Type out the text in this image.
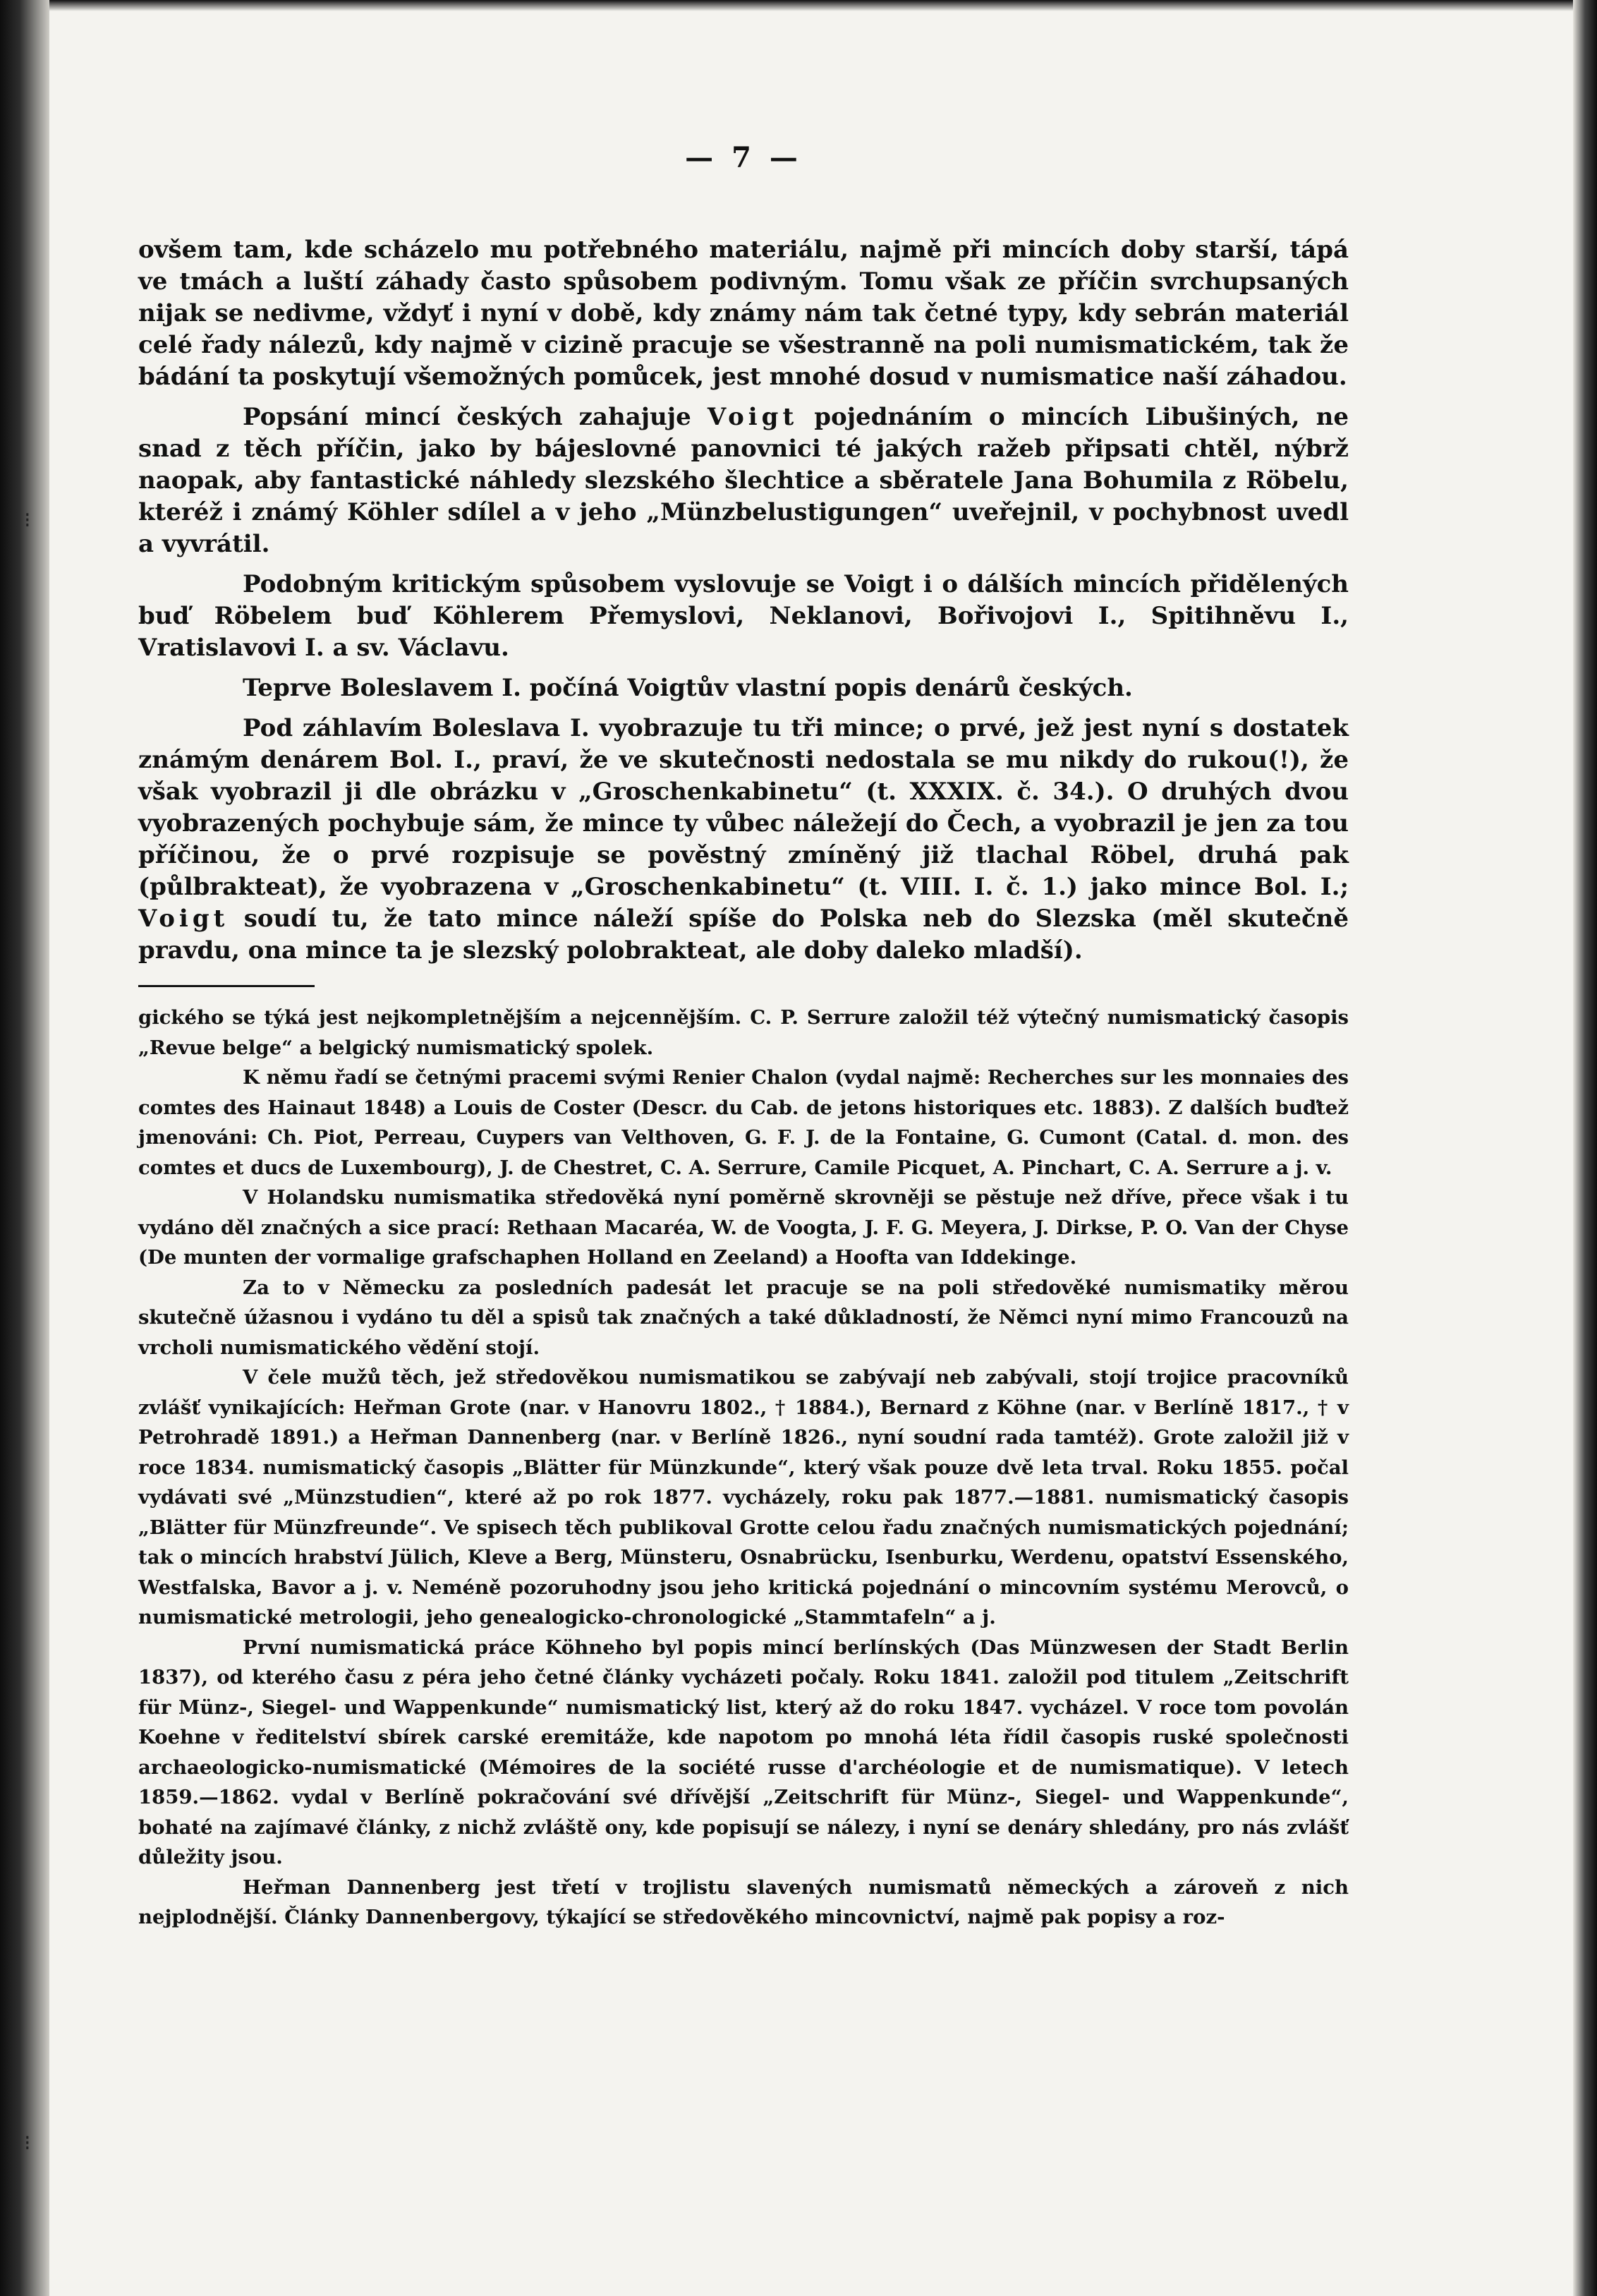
⁝
⁝
— 7 —

ovšem tam, kde scházelo mu potřebného materiálu, najmě při mincích doby starší, tápá ve tmách a luští záhady často spůsobem podivným. Tomu však ze příčin svrchupsaných nijak se nedivme, vždyť i nyní v době, kdy známy nám tak četné typy, kdy sebrán materiál celé řady nálezů, kdy najmě v cizině pracuje se všestranně na poli numismatickém, tak že bádání ta poskytují všemožných pomůcek, jest mnohé dosud v numismatice naší záhadou.

Popsání mincí českých zahajuje Voigt pojednáním o mincích Libušiných, ne snad z těch příčin, jako by bájeslovné panovnici té jakých ražeb připsati chtěl, nýbrž naopak, aby fantastické náhledy slezského šlechtice a sběratele Jana Bohumila z Röbelu, kteréž i známý Köhler sdílel a v jeho „Münzbelustigungen“ uveřejnil, v pochybnost uvedl a vyvrátil.

Podobným kritickým spůsobem vyslovuje se Voigt i o dálších mincích přidělených buď Röbelem buď Köhlerem Přemyslovi, Neklanovi, Bořivojovi I., Spitihněvu I., Vratislavovi I. a sv. Václavu.

Teprve Boleslavem I. počíná Voigtův vlastní popis denárů českých.

Pod záhlavím Boleslava I. vyobrazuje tu tři mince; o prvé, jež jest nyní s dostatek známým denárem Bol. I., praví, že ve skutečnosti nedostala se mu nikdy do rukou(!), že však vyobrazil ji dle obrázku v „Groschenkabinetu“ (t. XXXIX. č. 34.). O druhých dvou vyobrazených pochybuje sám, že mince ty vůbec náležejí do Čech, a vyobrazil je jen za tou příčinou, že o prvé rozpisuje se pověstný zmíněný již tlachal Röbel, druhá pak (půlbrakteat), že vyobrazena v „Groschenkabinetu“ (t. VIII. I. č. 1.) jako mince Bol. I.; Voigt soudí tu, že tato mince náleží spíše do Polska neb do Slezska (měl skutečně pravdu, ona mince ta je slezský polobrakteat, ale doby daleko mladší).

gického se týká jest nejkompletnějším a nejcennějším. C. P. Serrure založil též výtečný numismatický časopis „Revue belge“ a belgický numismatický spolek.

K němu řadí se četnými pracemi svými Renier Chalon (vydal najmě: Recherches sur les monnaies des comtes des Hainaut 1848) a Louis de Coster (Descr. du Cab. de jetons historiques etc. 1883). Z dalších buďtež jmenováni: Ch. Piot, Perreau, Cuypers van Velthoven, G. F. J. de la Fontaine, G. Cumont (Catal. d. mon. des comtes et ducs de Luxembourg), J. de Chestret, C. A. Serrure, Camile Picquet, A. Pinchart, C. A. Serrure a j. v.

V Holandsku numismatika středověká nyní poměrně skrovněji se pěstuje než dříve, přece však i tu vydáno děl značných a sice prací: Rethaan Macaréa, W. de Voogta, J. F. G. Meyera, J. Dirkse, P. O. Van der Chyse (De munten der vormalige grafschaphen Holland en Zeeland) a Hoofta van Iddekinge.

Za to v Německu za posledních padesát let pracuje se na poli středověké numismatiky měrou skutečně úžasnou i vydáno tu děl a spisů tak značných a také důkladností, že Němci nyní mimo Francouzů na vrcholi numismatického vědění stojí.

V čele mužů těch, jež středověkou numismatikou se zabývají neb zabývali, stojí trojice pracovníků zvlášť vynikajících: Heřman Grote (nar. v Hanovru 1802., † 1884.), Bernard z Köhne (nar. v Berlíně 1817., † v Petrohradě 1891.) a Heřman Dannenberg (nar. v Berlíně 1826., nyní soudní rada tamtéž). Grote založil již v roce 1834. numismatický časopis „Blätter für Münzkunde“, který však pouze dvě leta trval. Roku 1855. počal vydávati své „Münzstudien“, které až po rok 1877. vycházely, roku pak 1877.—1881. numismatický časopis „Blätter für Münzfreunde“. Ve spisech těch publikoval Grotte celou řadu značných numismatických pojednání; tak o mincích hrabství Jülich, Kleve a Berg, Münsteru, Osnabrücku, Isenburku, Werdenu, opatství Essenského, Westfalska, Bavor a j. v. Neméně pozoruhodny jsou jeho kritická pojednání o mincovním systému Merovců, o numismatické metrologii, jeho genealogicko-chronologické „Stammtafeln“ a j.

První numismatická práce Köhneho byl popis mincí berlínských (Das Münzwesen der Stadt Berlin 1837), od kterého času z péra jeho četné články vycházeti počaly. Roku 1841. založil pod titulem „Zeitschrift für Münz-, Siegel- und Wappenkunde“ numismatický list, který až do roku 1847. vycházel. V roce tom povolán Koehne v ředitelství sbírek carské eremitáže, kde napotom po mnohá léta řídil časopis ruské společnosti archaeologicko-numismatické (Mémoires de la société russe d'archéologie et de numismatique). V letech 1859.—1862. vydal v Berlíně pokračování své dřívější „Zeitschrift für Münz-, Siegel- und Wappenkunde“, bohaté na zajímavé články, z nichž zvláště ony, kde popisují se nálezy, i nyní se denáry shledány, pro nás zvlášť důležity jsou.

Heřman Dannenberg jest třetí v trojlistu slavených numismatů německých a zároveň z nich nejplodnější. Články Dannenbergovy, týkající se středověkého mincovnictví, najmě pak popisy a roz-
